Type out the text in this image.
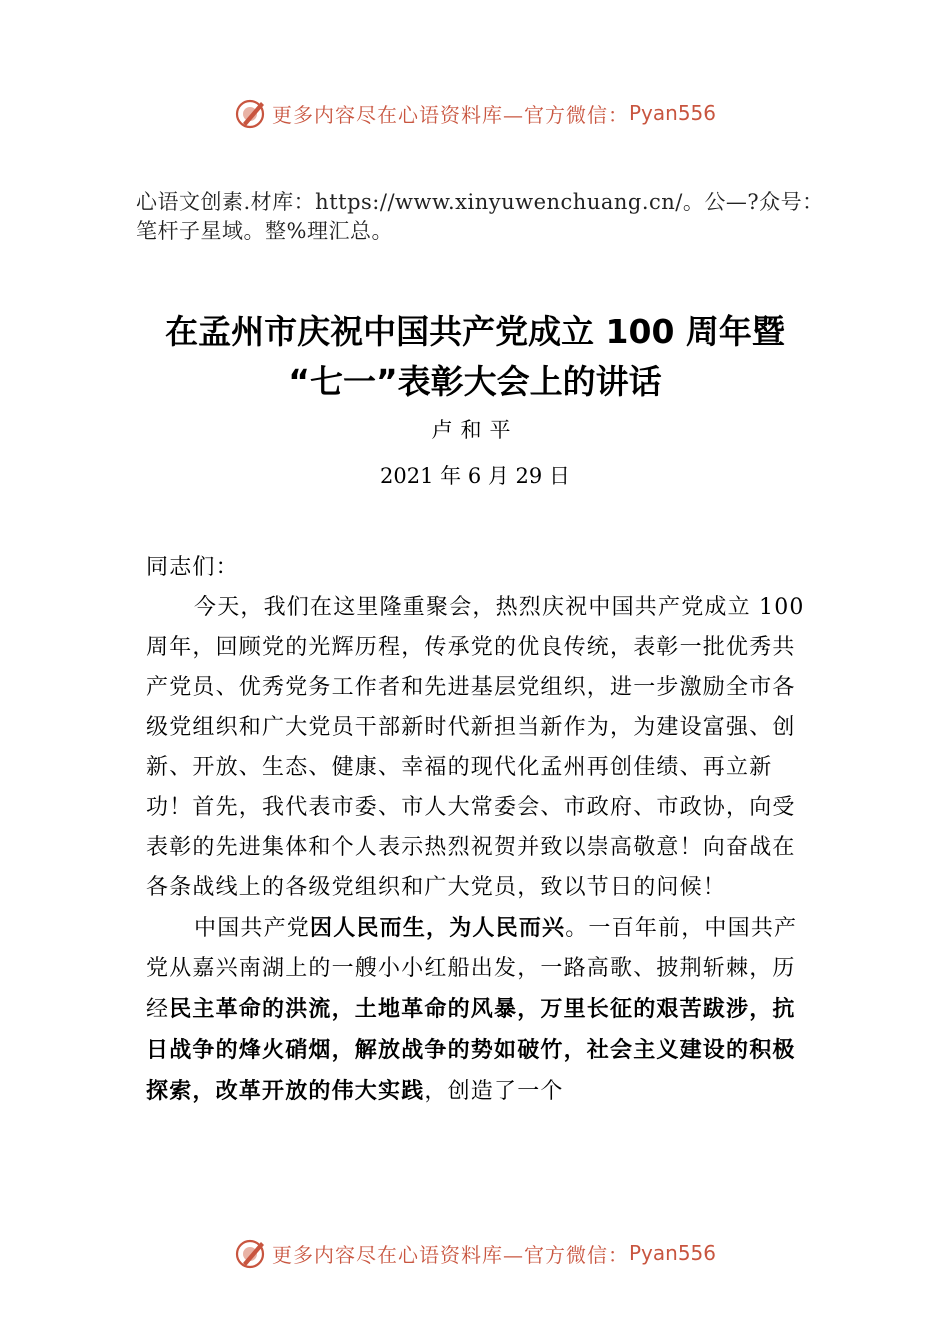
更多内容尽在心语资料库—官方微信： Pyan556
心语文创素.材库：https://www.xinyuwenchuang.cn/。公—?众号：笔杆子星域。整%理汇总。
在孟州市庆祝中国共产党成立 100 周年暨
“七一”表彰大会上的讲话
卢和平
2021 年 6 月 29 日

同志们：

今天，我们在这里隆重聚会，热烈庆祝中国共产党成立 100 周年，回顾党的光辉历程，传承党的优良传统，表彰一批优秀共产党员、优秀党务工作者和先进基层党组织，进一步激励全市各级党组织和广大党员干部新时代新担当新作为，为建设富强、创新、开放、生态、健康、幸福的现代化孟州再创佳绩、再立新功！首先，我代表市委、市人大常委会、市政府、市政协，向受表彰的先进集体和个人表示热烈祝贺并致以崇高敬意！向奋战在各条战线上的各级党组织和广大党员，致以节日的问候！

中国共产党因人民而生，为人民而兴。一百年前，中国共产党从嘉兴南湖上的一艘小小红船出发，一路高歌、披荆斩棘，历经民主革命的洪流，土地革命的风暴，万里长征的艰苦跋涉，抗日战争的烽火硝烟，解放战争的势如破竹，社会主义建设的积极探索，改革开放的伟大实践，创造了一个

更多内容尽在心语资料库—官方微信： Pyan556
